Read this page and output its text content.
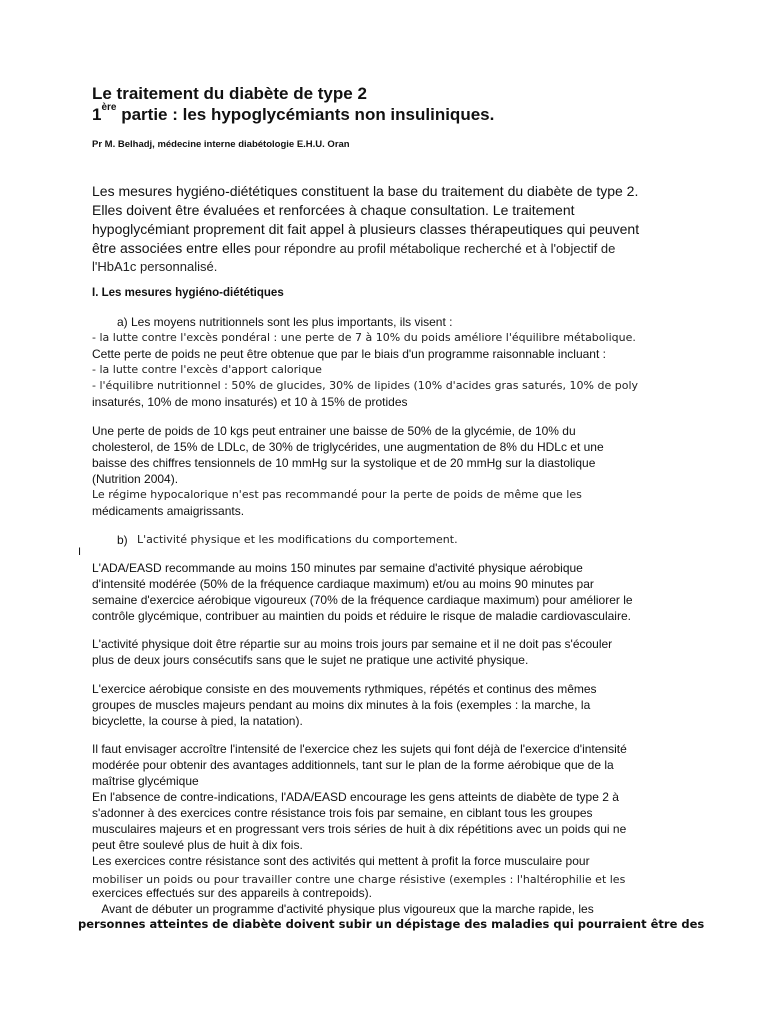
Le traitement du diabète de type 2
1ère partie : les hypoglycémiants non insuliniques.
Pr M. Belhadj, médecine interne diabétologie E.H.U. Oran
Les mesures hygiéno-diététiques constituent la base du traitement du diabète de type 2.
Elles doivent être évaluées et renforcées à chaque consultation. Le traitement
hypoglycémiant proprement dit fait appel à plusieurs classes thérapeutiques qui peuvent
être associées entre elles pour répondre au profil métabolique recherché et à l'objectif de
l'HbA1c personnalisé.
I. Les mesures hygiéno-diététiques
a) Les moyens nutritionnels sont les plus importants, ils visent :
- la lutte contre l'excès pondéral : une perte de 7 à 10% du poids améliore l'équilibre métabolique.
Cette perte de poids ne peut être obtenue que par le biais d'un programme raisonnable incluant :
- la lutte contre l'excès d'apport calorique
- l'équilibre nutritionnel : 50% de glucides, 30% de lipides (10% d'acides gras saturés, 10% de poly
insaturés, 10% de mono insaturés) et 10 à 15% de protides
Une perte de poids de 10 kgs peut entrainer une baisse de 50% de la glycémie, de 10% du
cholesterol, de 15% de LDLc, de 30% de triglycérides, une augmentation de 8% du HDLc et une
baisse des chiffres tensionnels de 10 mmHg sur la systolique et de 20 mmHg sur la diastolique
(Nutrition 2004).
Le régime hypocalorique n'est pas recommandé pour la perte de poids de même que les
médicaments amaigrissants.
b) L'activité physique et les modifications du comportement.
I
L'ADA/EASD recommande au moins 150 minutes par semaine d'activité physique aérobique
d'intensité modérée (50% de la fréquence cardiaque maximum) et/ou au moins 90 minutes par
semaine d'exercice aérobique vigoureux (70% de la fréquence cardiaque maximum) pour améliorer le
contrôle glycémique, contribuer au maintien du poids et réduire le risque de maladie cardiovasculaire.
L'activité physique doit être répartie sur au moins trois jours par semaine et il ne doit pas s'écouler
plus de deux jours consécutifs sans que le sujet ne pratique une activité physique.
L'exercice aérobique consiste en des mouvements rythmiques, répétés et continus des mêmes
groupes de muscles majeurs pendant au moins dix minutes à la fois (exemples : la marche, la
bicyclette, la course à pied, la natation).
Il faut envisager accroître l'intensité de l'exercice chez les sujets qui font déjà de l'exercice d'intensité
modérée pour obtenir des avantages additionnels, tant sur le plan de la forme aérobique que de la
maîtrise glycémique
En l'absence de contre-indications, l'ADA/EASD encourage les gens atteints de diabète de type 2 à
s'adonner à des exercices contre résistance trois fois par semaine, en ciblant tous les groupes
musculaires majeurs et en progressant vers trois séries de huit à dix répétitions avec un poids qui ne
peut être soulevé plus de huit à dix fois.
Les exercices contre résistance sont des activités qui mettent à profit la force musculaire pour
mobiliser un poids ou pour travailler contre une charge résistive (exemples : l'haltérophilie et les
exercices effectués sur des appareils à contrepoids).
Avant de débuter un programme d'activité physique plus vigoureux que la marche rapide, les
personnes atteintes de diabète doivent subir un dépistage des maladies qui pourraient être des
